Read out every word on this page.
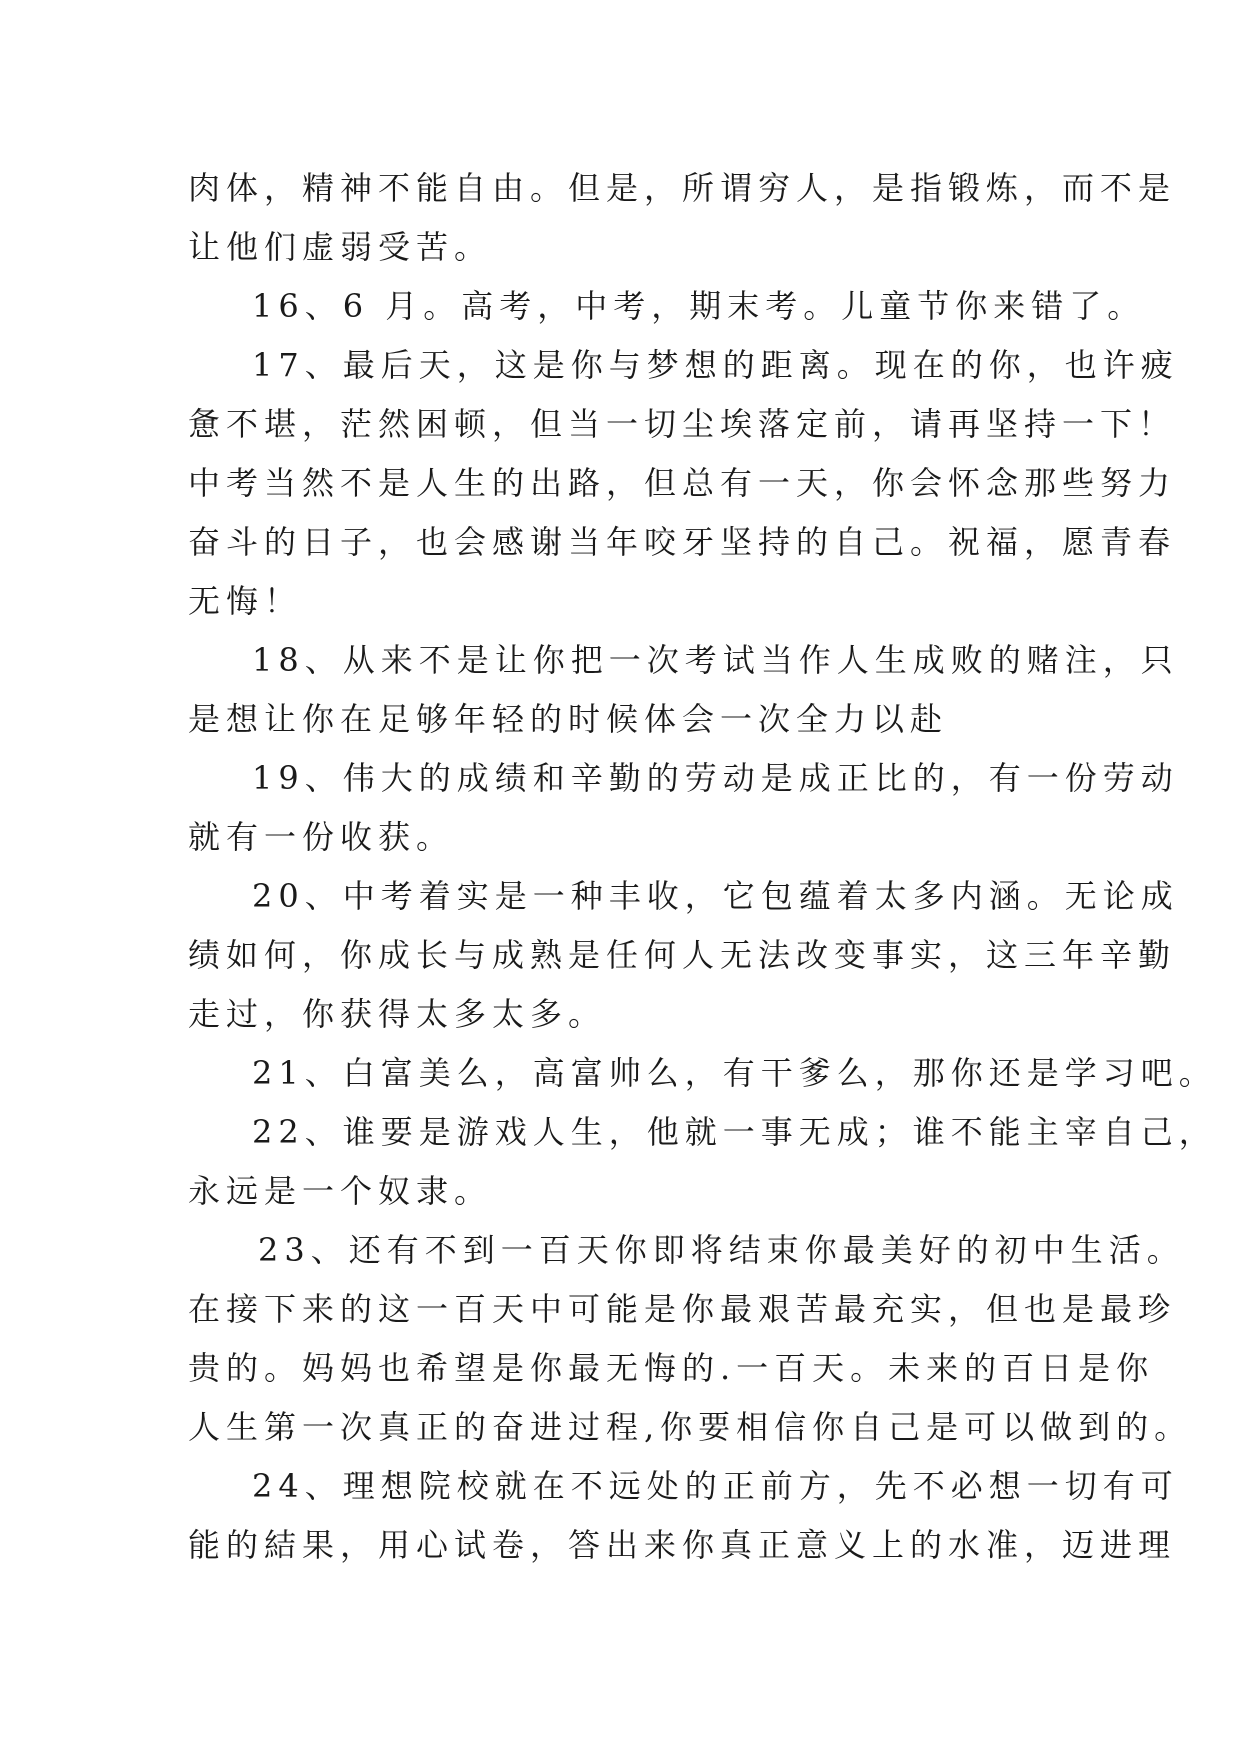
肉体，精神不能自由。但是，所谓穷人，是指锻炼，而不是

让他们虚弱受苦。

16、6 月。高考，中考，期末考。儿童节你来错了。

17、最后天，这是你与梦想的距离。现在的你，也许疲

惫不堪，茫然困顿，但当一切尘埃落定前，请再坚持一下！

中考当然不是人生的出路，但总有一天，你会怀念那些努力

奋斗的日子，也会感谢当年咬牙坚持的自己。祝福，愿青春

无悔！

18、从来不是让你把一次考试当作人生成败的赌注，只

是想让你在足够年轻的时候体会一次全力以赴

19、伟大的成绩和辛勤的劳动是成正比的，有一份劳动

就有一份收获。

20、中考着实是一种丰收，它包蕴着太多内涵。无论成

绩如何，你成长与成熟是任何人无法改变事实，这三年辛勤

走过，你获得太多太多。

21、白富美么，高富帅么，有干爹么，那你还是学习吧。

22、谁要是游戏人生，他就一事无成；谁不能主宰自己，

永远是一个奴隶。

23、还有不到一百天你即将结束你最美好的初中生活。

在接下来的这一百天中可能是你最艰苦最充实，但也是最珍

贵的。妈妈也希望是你最无悔的.一百天。未来的百日是你

人生第一次真正的奋进过程,你要相信你自己是可以做到的。

24、理想院校就在不远处的正前方，先不必想一切有可

能的結果，用心试卷，答出来你真正意义上的水准，迈进理
